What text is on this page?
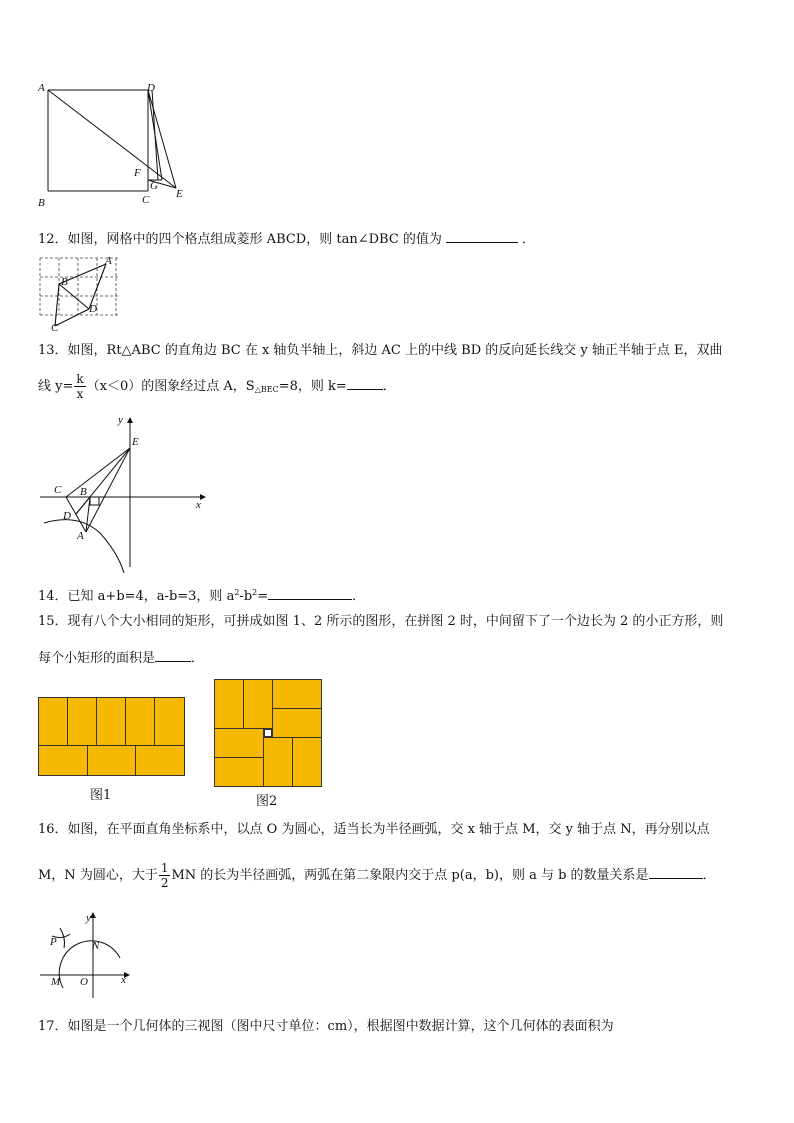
A	D
B	C
F
G
E
12．如图，网格中的四个格点组成菱形 ABCD，则 tan∠DBC 的值为	．
A
B
D
C
13．如图，Rt△ABC 的直角边 BC 在 x 轴负半轴上，斜边 AC 上的中线 BD 的反向延长线交 y 轴正半轴于点 E，双曲
线 $y= \frac{k}{x} (x<0)$的图象经过点 A，$S_{\triangle BEC}=8$，则 k=	．
y
E
C B
D
A
x
14．已知 a+b=4，a-b=3，则 $a^2-b^2=$	．
15．现有八个大小相同的矩形，可拼成如图 1、2 所示的图形，在拼图 2 时，中间留下了一个边长为 2 的小正方形，则
每个小矩形的面积是	．
图1	图2
16．如图，在平面直角坐标系中，以点 O 为圆心，适当长为半径画弧，交 x 轴于点 M，交 y 轴于点 N，再分别以点
M，N 为圆心，大于 $\frac{1}{2}$ MN 的长为半径画弧，两弧在第二象限内交于点 p(a，b)，则 a 与 b 的数量关系是	．
y
P	N
M O	x
17．如图是一个几何体的三视图（图中尺寸单位：cm），根据图中数据计算，这个几何体的表面积为
